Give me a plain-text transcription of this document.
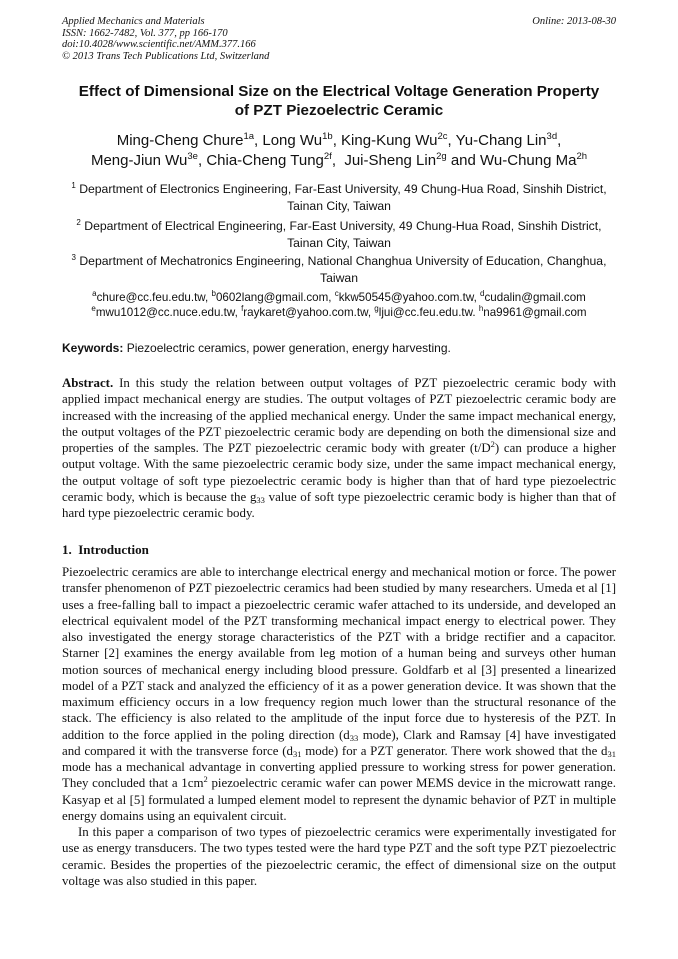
Applied Mechanics and Materials
ISSN: 1662-7482, Vol. 377, pp 166-170
doi:10.4028/www.scientific.net/AMM.377.166
© 2013 Trans Tech Publications Ltd, Switzerland
Online: 2013-08-30
Effect of Dimensional Size on the Electrical Voltage Generation Property
of PZT Piezoelectric Ceramic
Ming-Cheng Chure$^{1a}$, Long $Wu^{1b}$, King-Kung $Wu^{2c}$, Yu-Chang Lin$^{3d}$,
Meng-Jiun $Wu^{3e}$, Chia-Cheng Tung$^{2f}$,  Jui-Sheng Lin$^{2g}$ and Wu-Chung $Ma^{2h}$
$^1$ Department of Electronics Engineering, Far-East University, 49 Chung-Hua Road, Sinshih District, Tainan City, Taiwan
$^2$ Department of Electrical Engineering, Far-East University, 49 Chung-Hua Road, Sinshih District, Tainan City, Taiwan
$^3$ Department of Mechatronics Engineering, National Changhua University of Education, Changhua, Taiwan
$^a$chure@cc.feu.edu.tw, $^b$0602lang@gmail.com, $^c$kkw50545@yahoo.com.tw, $^d$cudalin@gmail.com
$^e$mwu1012@cc.nuce.edu.tw, $^f$raykaret@yahoo.com.tw, $^g$ljui@cc.feu.edu.tw. $^h$na9961@gmail.com
Keywords: Piezoelectric ceramics, power generation, energy harvesting.

Abstract. In this study the relation between output voltages of PZT piezoelectric ceramic body with applied impact mechanical energy are studies. The output voltages of PZT piezoelectric ceramic body are increased with the increasing of the applied mechanical energy. Under the same impact mechanical energy, the output voltages of the PZT piezoelectric ceramic body are depending on both the dimensional size and properties of the samples. The PZT piezoelectric ceramic body with greater $(t/D^2)$ can produce a higher output voltage. With the same piezoelectric ceramic body size, under the same impact mechanical energy, the output voltage of soft type piezoelectric ceramic body is higher than that of hard type piezoelectric ceramic body, which is because the $g_{33}$ value of soft type piezoelectric ceramic body is higher than that of hard type piezoelectric ceramic body.

1.  Introduction

Piezoelectric ceramics are able to interchange electrical energy and mechanical motion or force. The power transfer phenomenon of PZT piezoelectric ceramics had been studied by many researchers. Umeda et al [1] uses a free-falling ball to impact a piezoelectric ceramic wafer attached to its underside, and developed an electrical equivalent model of the PZT transforming mechanical impact energy to electrical power. They also investigated the energy storage characteristics of the PZT with a bridge rectifier and a capacitor. Starner [2] examines the energy available from leg motion of a human being and surveys other human motion sources of mechanical energy including blood pressure. Goldfarb et al [3] presented a linearized model of a PZT stack and analyzed the efficiency of it as a power generation device. It was shown that the maximum efficiency occurs in a low frequency region much lower than the structural resonance of the stack. The efficiency is also related to the amplitude of the input force due to hysteresis of the PZT. In addition to the force applied in the poling direction ($d_{33}$ mode), Clark and Ramsay [4] have investigated and compared it with the transverse force ($d_{31}$ mode) for a PZT generator. There work showed that the $d_{31}$ mode has a mechanical advantage in converting applied pressure to working stress for power generation. They concluded that a $1cm^2$ piezoelectric ceramic wafer can power MEMS device in the microwatt range. Kasyap et al [5] formulated a lumped element model to represent the dynamic behavior of PZT in multiple energy domains using an equivalent circuit.

In this paper a comparison of two types of piezoelectric ceramics were experimentally investigated for use as energy transducers. The two types tested were the hard type PZT and the soft type PZT piezoelectric ceramic. Besides the properties of the piezoelectric ceramic, the effect of dimensional size on the output voltage was also studied in this paper.
